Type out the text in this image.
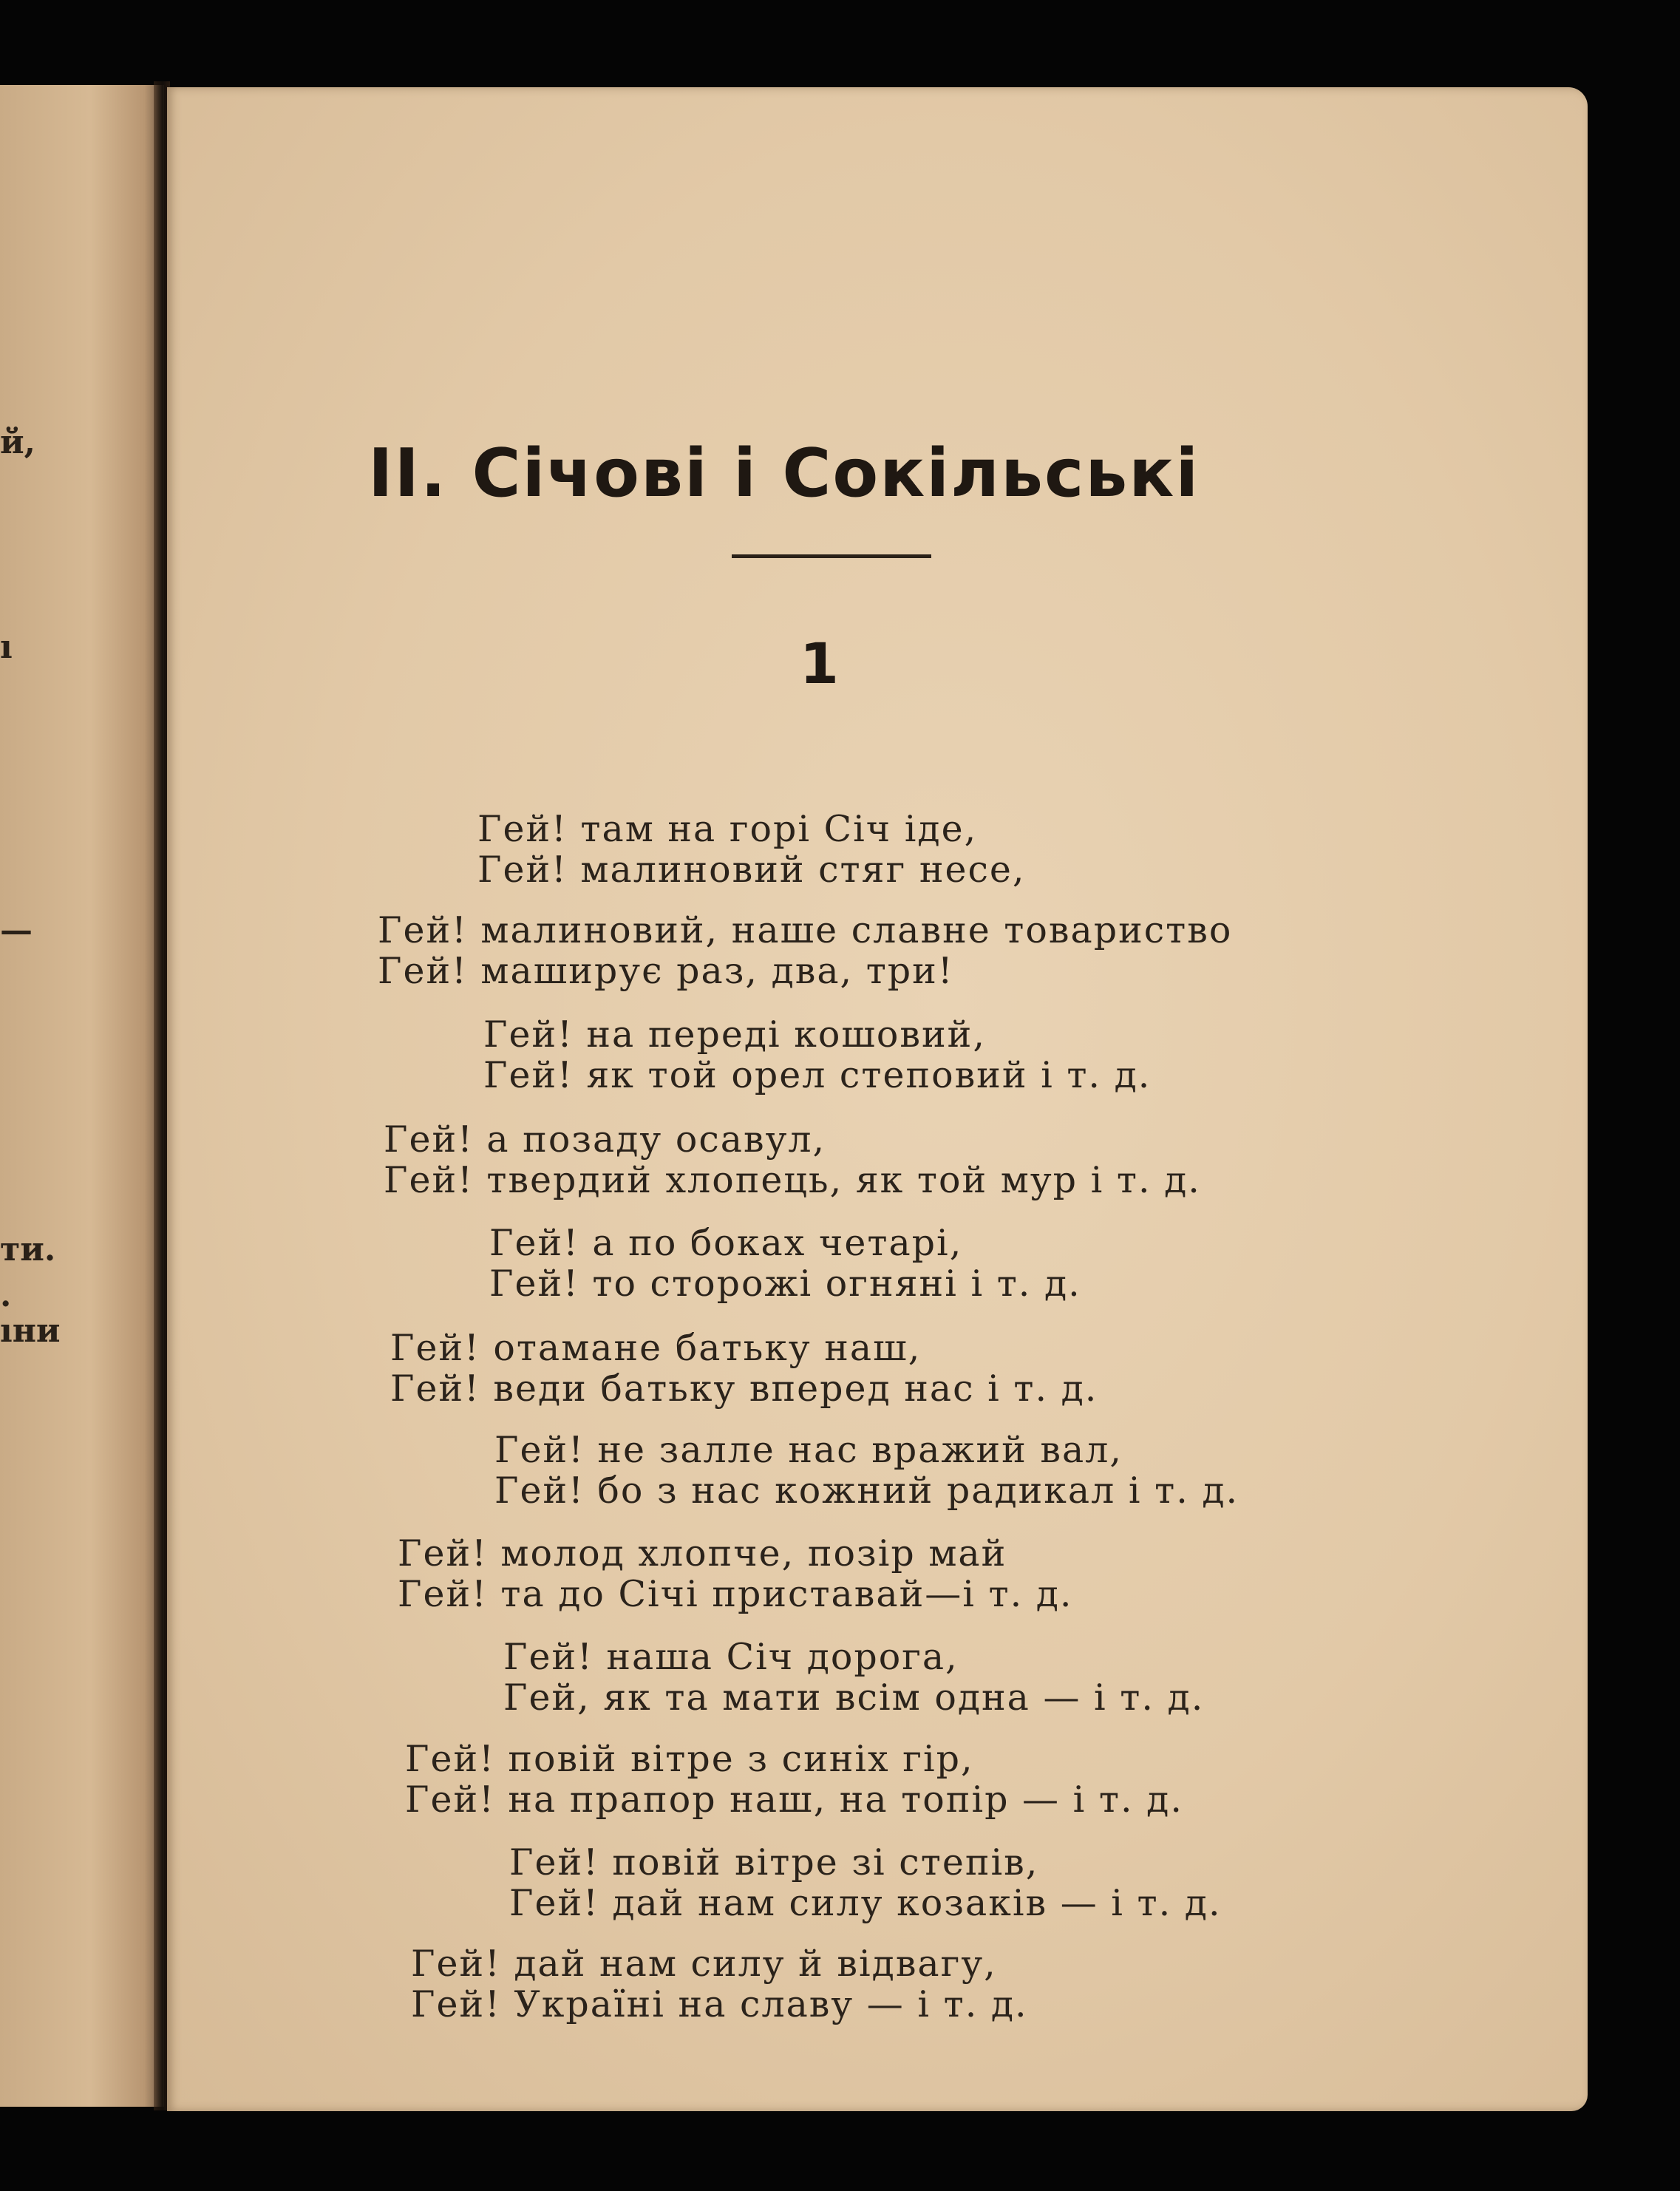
й,
ı
—
ти.
.
ıни
II. Січові і Сокільські
1
Гей! там на горі Січ іде,
Гей! малиновий стяг несе,
Гей! малиновий, наше славне товариство
Гей! маширує раз, два, три!
Гей! на переді кошовий,
Гей! як той орел степовий і т. д.
Гей! а позаду осавул,
Гей! твердий хлопець, як той мур і т. д.
Гей! а по боках четарі,
Гей! то сторожі огняні і т. д.
Гей! отамане батьку наш,
Гей! веди батьку вперед нас і т. д.
Гей! не залле нас вражий вал,
Гей! бо з нас кожний радикал і т. д.
Гей! молод хлопче, позір май
Гей! та до Січі приставай—і т. д.
Гей! наша Січ дорога,
Гей, як та мати всім одна — і т. д.
Гей! повій вітре з синіх гір,
Гей! на прапор наш, на топір — і т. д.
Гей! повій вітре зі степів,
Гей! дай нам силу козаків — і т. д.
Гей! дай нам силу й відвагу,
Гей! Україні на славу — і т. д.
